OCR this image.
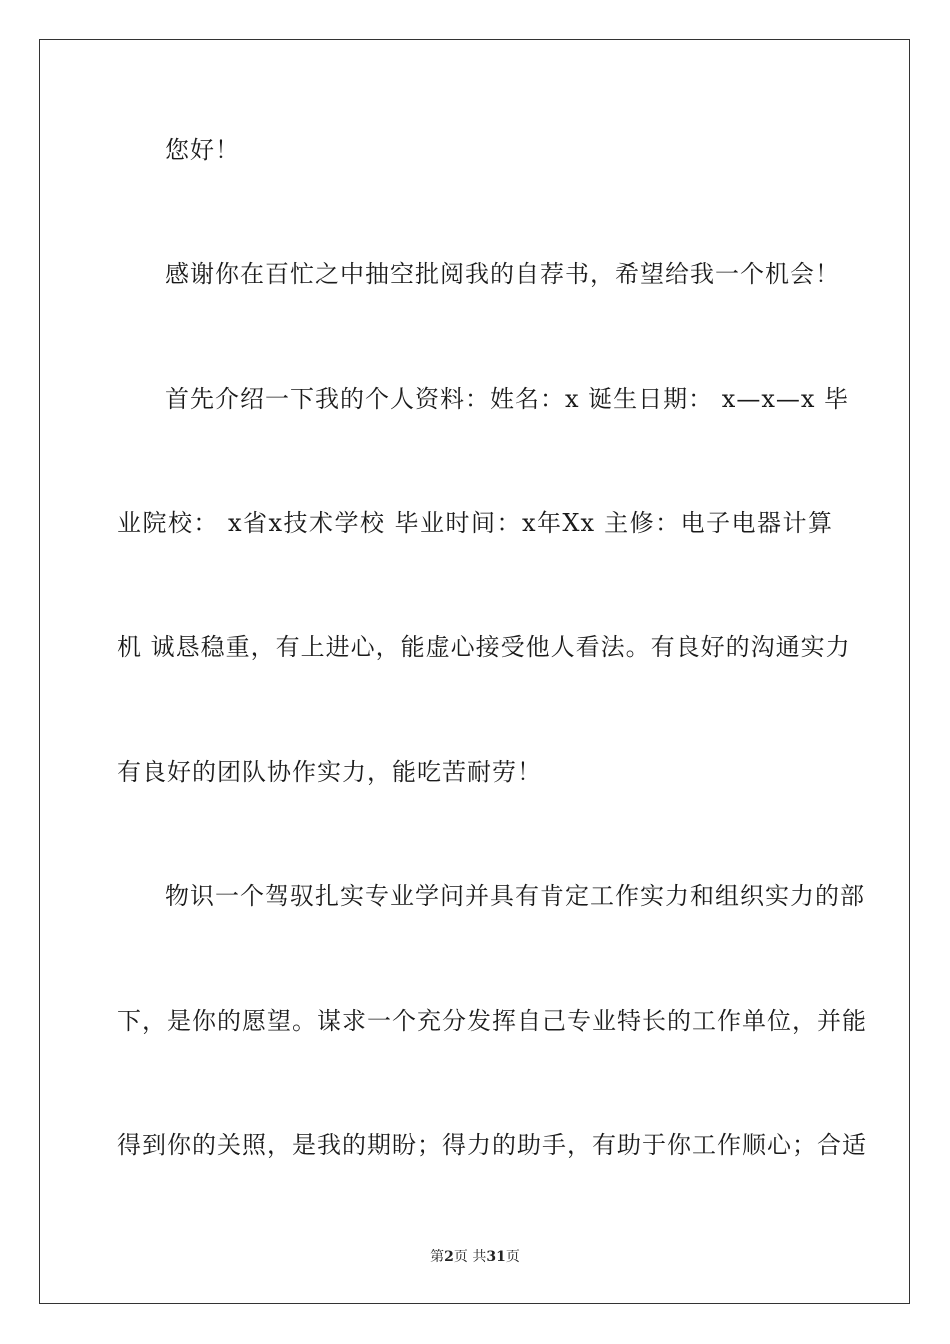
您好！
感谢你在百忙之中抽空批阅我的自荐书，希望给我一个机会！
首先介绍一下我的个人资料：姓名：x 诞生日期： x—x—x 毕
业院校： x省x技术学校 毕业时间：x年Xx 主修：电子电器计算
机 诚恳稳重，有上进心，能虚心接受他人看法。有良好的沟通实力
有良好的团队协作实力，能吃苦耐劳！
物识一个驾驭扎实专业学问并具有肯定工作实力和组织实力的部
下，是你的愿望。谋求一个充分发挥自己专业特长的工作单位，并能
得到你的关照，是我的期盼；得力的助手，有助于你工作顺心；合适
第2页 共31页
